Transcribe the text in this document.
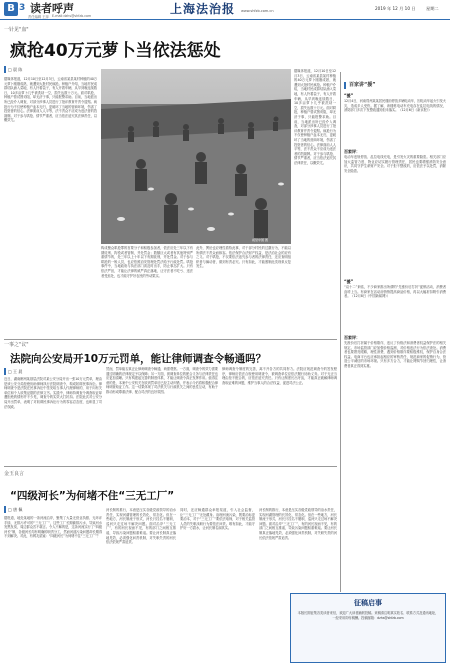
B 3 读者呼声
责任编辑 王萍 E-mail:dzhs@shfzb.com	上海法治报 www.shfzb.com.cn	2019 年 12 月 10 日 星期二
一针见"血"
疯抢40万元萝卜当依法惩处
□ 晨 陈
视觉中国 图
据媒体报道，12月10日至12月3日，云南省某县某村种植的40万元萝卜刚刚成熟，就遭到大批村民疯抢。种植户介绍，当地村民成群结队涌入菜地，有人拎着袋子，有人开着车辆，从早到晚连续数日，10多亩萝卜几乎被洗劫一空，损失达数十万元。面对哄抢，种植户曾试图劝阻，却无济于事，只能报警求助。目前，当地派出所已经介入调查，对部分涉事人员进行了批评教育并责令退赔。疯抢行为不仅使种植户血本无归，更破坏了当地的营商环境，伤害了投资者的信心。法律面前人人平等，法不责众不应成为违法者的挡箭牌。对于参与哄抢、情节严重者，应当依法追究其法律责任，以儆效尤。
构成聚众哄抢罪的首要分子和积极参加者，依法应处三年以下有期徒刑、拘役或者管制，并处罚金；数额巨大或者有其他特别严重情节的，处三年以上十年以下有期徒刑，并处罚金。对于参与哄抢的一般人员，也应依照治安管理处罚法给予行政处罚。哄抢事件中，当地政府与执法部门须及时出手，防止事态扩大。只有依法严惩，才能让法律的威严真正落地，让守法者不吃亏、违法者受惩处，也才能守护好农民的劳动果实。
此外，舆论也应理性看待此事，对于部分村民的过激行为，不能以所谓法不责众而纵容。依法保护合法财产权益，是法治社会的应有之义。对于哄抢，不仅要依法追究参与者的法律责任，还应查明组织者与煽动者，做到有责必究。只有如此，才能遏制此类现象反复发生。
据媒体报道，12月10日至12月3日，云南省某县某村种植的40万元萝卜刚刚成熟，就遭到大批村民疯抢。种植户介绍，当地村民成群结队涌入菜地，有人拎着袋子，有人开着车辆，从早到晚连续数日，10多亩萝卜几乎被洗劫一空，损失达数十万元。面对哄抢，种植户曾试图劝阻，却无济于事，只能报警求助。目前，当地派出所已经介入调查，对部分涉事人员进行了批评教育并责令退赔。疯抢行为不仅使种植户血本无归，更破坏了当地的营商环境，伤害了投资者的信心。法律面前人人平等，法不责众不应成为违法者的挡箭牌。对于参与哄抢、情节严重者，应当依法追究其法律责任，以儆效尤。
一事之"议"
法院向公安局开10万元罚单，能让律师调查令畅通吗？
□ 王 晨
近日，湖南郴州某基层法院对某公安分局开出一张10万元罚单，理由是该公安分局拒绝协助律师执行法院调查令，构成妨碍民事诉讼。律师调查令是法院在民事诉讼中签发给当事人代理律师的，用于向有关单位和个人收集证据的法律文书。实践中，律师持调查令调查取证却遭拒绝的情形并不少见，调查令的实效大打折扣。法院此次对公安分局开出罚单，表明了对妨碍民事诉讼行为的零容忍态度，也彰显了司法权威。
然而，罚单能否真正让律师调查令畅通，尚需观察。一方面，调查令的效力需要通过明确的法律规定予以保障；另一方面，被调查单位的配合义务与法律责任也应更加清晰。只有构建起完善的制度体系，才能让调查令真正发挥作用。值得注意的是，本案中公安机关在收到罚单后已经主动纠错，并表示今后将积极配合律师调查取证工作。这一结果体现了司法机关与行政机关之间的良性互动，有助于推动形成尊重法律、配合司法的良好氛围。
律师调查令制度的完善，离不开各方的共同努力。法院应规范调查令的签发程序，律师应依法合规使用调查令，被调查单位应依法履行协助义务。对于无正当理由拒不配合的，应依法追究责任。只有让制度长出牙齿，才能真正破解律师调查取证难的问题，维护当事人的合法权益，促进司法公正。
金玉良言
“四级河长”为何堵不住“三无工厂”
□ 唐 佩
据报道，地处某地的一条河流沿岸，聚集了大量无营业执照、无环评手续、无排污许可的“三无工厂”，这些工厂长期偷排污水，导致河水发黑发臭，周边群众苦不堪言。令人不解的是，这条河流实行了“四级河长”制，各级河长均有明确的职责分工，然而河道污染问题却长期得不到解决。对此，有网友质疑：“四级河长”为何堵不住“三无工厂”？
河长制的推行，本意是压实各级党政领导的治水责任，实现河湖管理的长效化、常态化。但在一些地方，河长制流于形式，河长只挂名不履职，巡河只走过场不解决问题。面对沿岸“三无工厂”，有的河长视而不见，有的部门之间相互推诿，导致污染问题积重难返。要让河长制真正落地见效，必须强化问责机制，对失职失责的河长依法依规严肃追责。
同时，还应畅通群众举报渠道，引入社会监督，让“三无工厂”无处藏身。治理河流污染，既要治标更要治本，对于“三无工厂”要依法取缔，对于相关监管人员的失职渎职行为要依法问责。唯有如此，才能守护好一方碧水，让河长制名副其实。
河长制的推行，本意是压实各级党政领导的治水责任，实现河湖管理的长效化、常态化。但在一些地方，河长制流于形式，河长只挂名不履职，巡河只走过场不解决问题。面对沿岸“三无工厂”，有的河长视而不见，有的部门之间相互推诿，导致污染问题积重难返。要让河长制真正落地见效，必须强化问责机制，对失职失责的河长依法依规严肃追责。
百家讲“援”
“援”
12月4日，河南郑州某某居民楼前停放多辆电动车，因电动车起火引发火灾，造成多人受伤。据了解，该楼栋电动车充电存在乱拉电线的情况，消防部门多次下发整改通知但未落实。（12月6日《新京报》）
百家评：
电动车违规停放、乱拉电线充电，是引发火灾的重要隐患。相关部门应加大监管力度，物业应切实履行管理责任，居民也要增强消防安全意识，共同守护生命财产安全。对于拒不整改的，应依法予以处罚，消除安全隐患。
“援”
“双十二”来临，不少商家推出所谓的“先涨价后打折”促销活动，消费者直呼上当。有商家在活动前悄悄提高商品价格，再以大幅折扣吸引消费者。（12月8日《中国新闻网》）
百家评：
先涨价后打折属于价格欺诈，违反了价格法和消费者权益保护法的相关规定。市场监管部门应加强价格监测，对价格违法行为依法查处。消费者也要擦亮眼睛，理性消费，遇到价格欺诈要积极维权，保护自身合法权益。电商平台也应承担起相应的审核责任，规范商家的促销行为，营造公平诚信的市场环境。只有多方合力，才能让网购节回归理性，让消费者真正得到实惠。
征稿启事
本版长期征集各类读者来信，欢迎广大读者踊跃投稿。来稿请注明真实姓名、联系方式及通讯地址，一经采用即付稿酬。投稿邮箱：dzhs@shfzb.com
